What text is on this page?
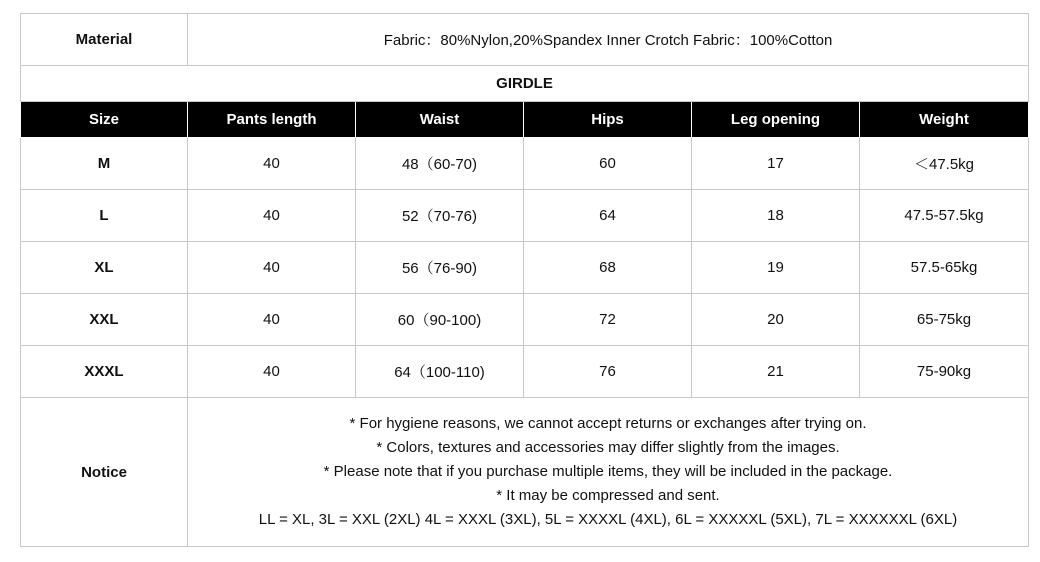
Material	Fabric：80%Nylon,20%Spandex Inner Crotch Fabric：100%Cotton				
GIRDLE					
Size	Pants length	Waist	Hips	Leg opening	Weight
M	40	48（60-70)	60	17	＜47.5kg
L	40	52（70-76)	64	18	47.5-57.5kg
XL	40	56（76-90)	68	19	57.5-65kg
XXL	40	60（90-100)	72	20	65-75kg
XXXL	40	64（100-110)	76	21	75-90kg
Notice	* For hygiene reasons, we cannot accept returns or exchanges after trying on.
* Colors, textures and accessories may differ slightly from the images.
* Please note that if you purchase multiple items, they will be included in the package.
* It may be compressed and sent.
LL = XL, 3L = XXL (2XL) 4L = XXXL (3XL), 5L = XXXXL (4XL), 6L = XXXXXL (5XL), 7L = XXXXXXL (6XL)				
